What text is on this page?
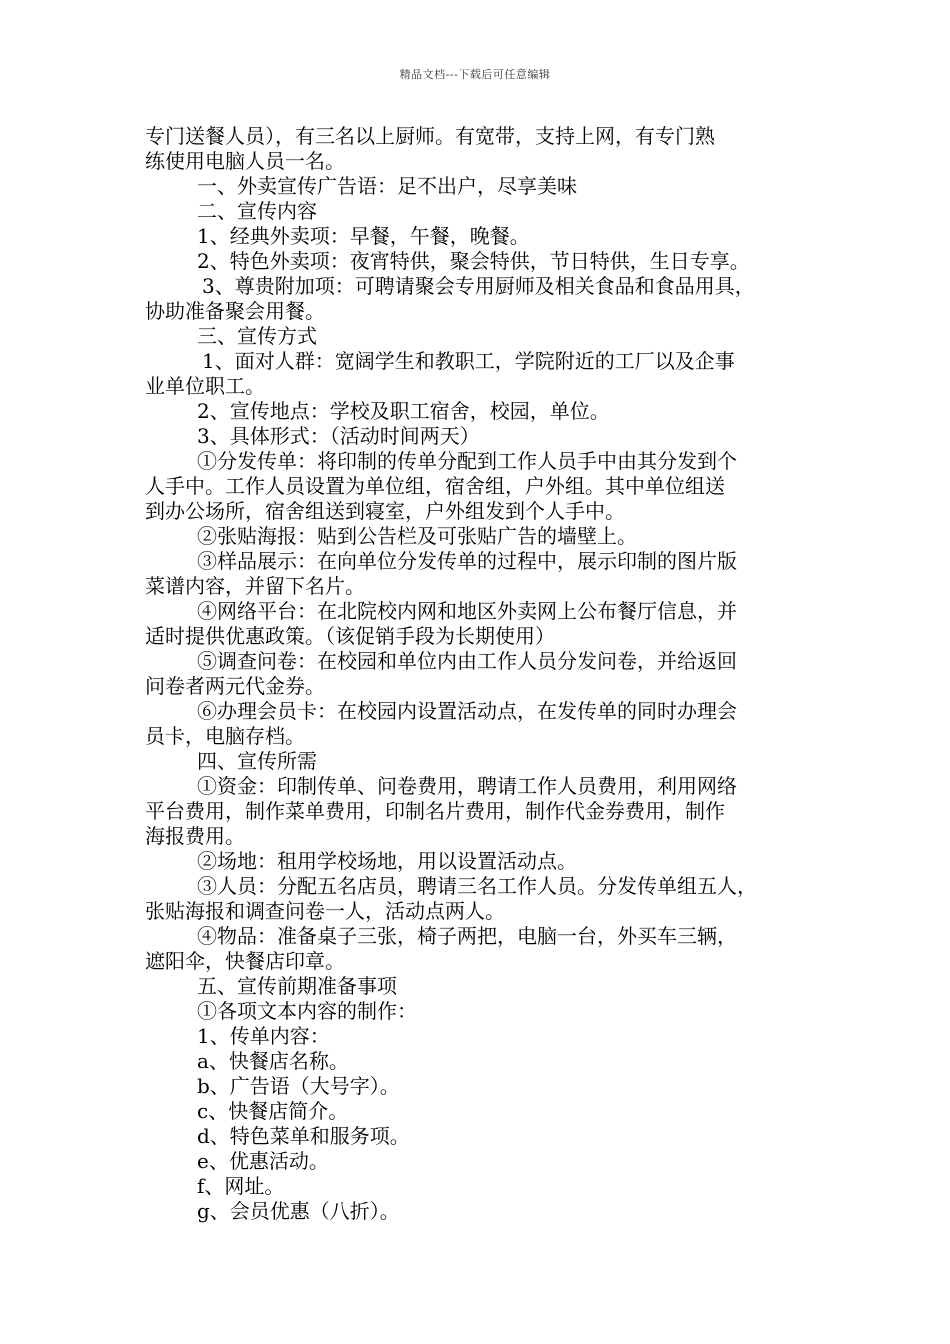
精品文档---下载后可任意编辑

专门送餐人员），有三名以上厨师。有宽带，支持上网，有专门熟

练使用电脑人员一名。

一、外卖宣传广告语：足不出户，尽享美味

二、宣传内容

1、经典外卖项：早餐，午餐，晚餐。

2、特色外卖项：夜宵特供，聚会特供，节日特供，生日专享。

3、尊贵附加项：可聘请聚会专用厨师及相关食品和食品用具，

协助准备聚会用餐。

三、宣传方式

1、面对人群：宽阔学生和教职工，学院附近的工厂以及企事

业单位职工。

2、宣传地点：学校及职工宿舍，校园，单位。

3、具体形式：（活动时间两天）

①分发传单：将印制的传单分配到工作人员手中由其分发到个

人手中。工作人员设置为单位组，宿舍组，户外组。其中单位组送

到办公场所，宿舍组送到寝室，户外组发到个人手中。

②张贴海报：贴到公告栏及可张贴广告的墙壁上。

③样品展示：在向单位分发传单的过程中，展示印制的图片版

菜谱内容，并留下名片。

④网络平台：在北院校内网和地区外卖网上公布餐厅信息，并

适时提供优惠政策。（该促销手段为长期使用）

⑤调查问卷：在校园和单位内由工作人员分发问卷，并给返回

问卷者两元代金券。

⑥办理会员卡：在校园内设置活动点，在发传单的同时办理会

员卡，电脑存档。

四、宣传所需

①资金：印制传单、问卷费用，聘请工作人员费用，利用网络

平台费用，制作菜单费用，印制名片费用，制作代金券费用，制作

海报费用。

②场地：租用学校场地，用以设置活动点。

③人员：分配五名店员，聘请三名工作人员。分发传单组五人，

张贴海报和调查问卷一人，活动点两人。

④物品：准备桌子三张，椅子两把，电脑一台，外买车三辆，

遮阳伞，快餐店印章。

五、宣传前期准备事项

①各项文本内容的制作：

1、传单内容：

a、快餐店名称。

b、广告语（大号字）。

c、快餐店简介。

d、特色菜单和服务项。

e、优惠活动。

f、网址。

g、会员优惠（八折）。
